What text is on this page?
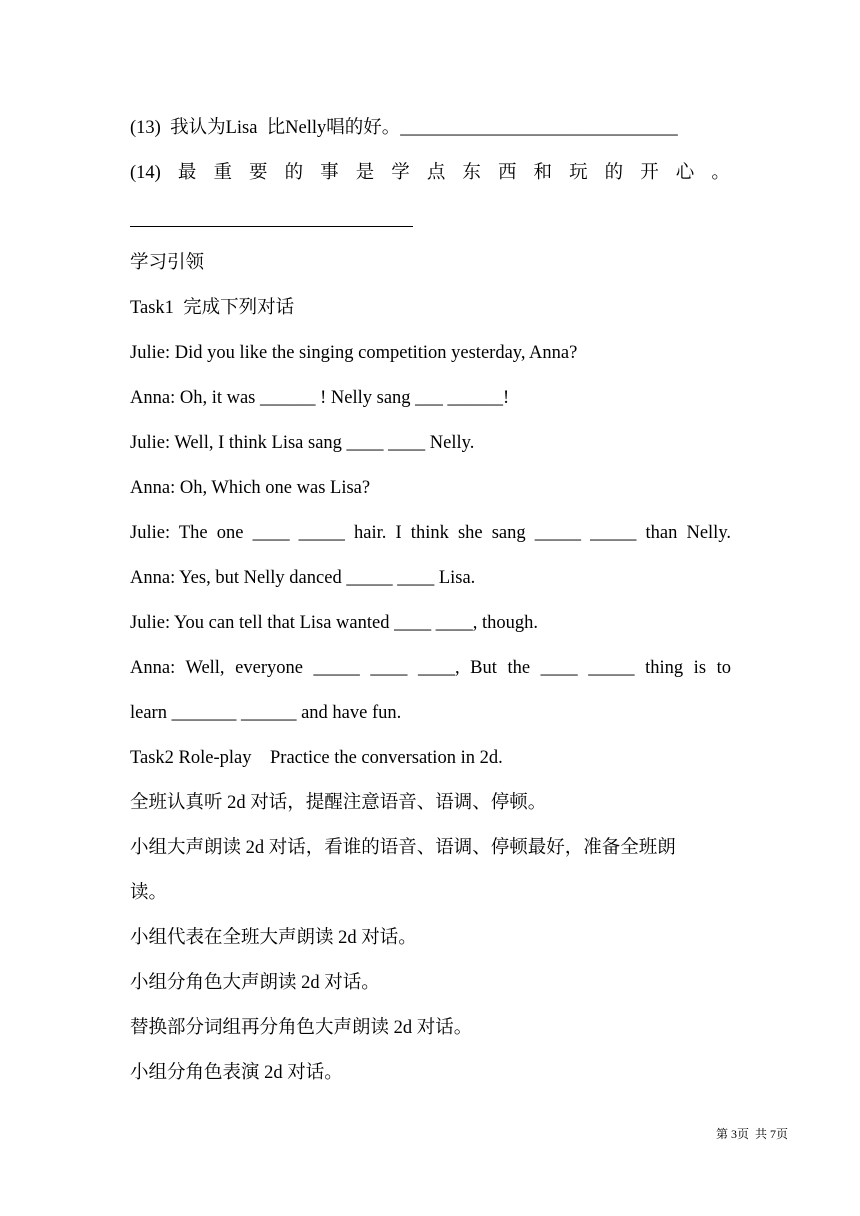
(13)  我认为Lisa  比Nelly唱的好。______________________________
(14) 最 重 要 的 事 是 学 点 东 西 和 玩 的 开 心 。
学习引领
Task1  完成下列对话
Julie: Did you like the singing competition yesterday, Anna?
Anna: Oh, it was ______ ! Nelly sang ___ ______!
Julie: Well, I think Lisa sang ____ ____ Nelly.
Anna: Oh, Which one was Lisa?
Julie: The one ____ _____ hair. I think she sang _____ _____ than Nelly.
Anna: Yes, but Nelly danced _____ ____ Lisa.
Julie: You can tell that Lisa wanted ____ ____, though.
Anna: Well, everyone _____ ____ ____, But the ____ _____ thing is to
learn _______ ______ and have fun.
Task2 Role-play    Practice the conversation in 2d.
全班认真听 2d 对话，提醒注意语音、语调、停顿。
小组大声朗读 2d 对话，看谁的语音、语调、停顿最好，准备全班朗
读。
小组代表在全班大声朗读 2d 对话。
小组分角色大声朗读 2d 对话。
替换部分词组再分角色大声朗读 2d 对话。
小组分角色表演 2d 对话。
第 3页  共 7页
